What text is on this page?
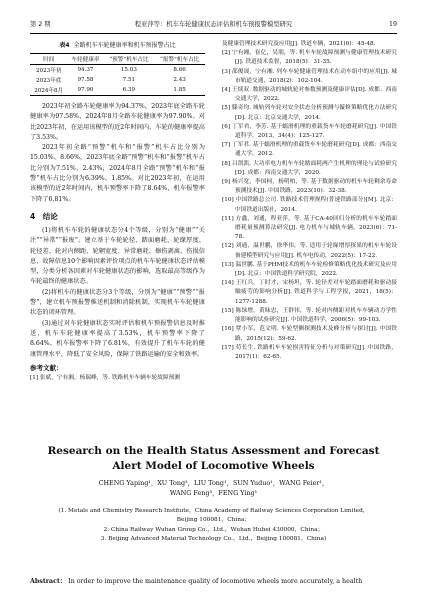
第 2 期	程亚萍等：机车车轮健康状态评估和机车预报警模型研究	19
表4 全路机车车轮健康率和机车预报警占比
时间	车轮健康率	“预警”机车占比	“报警”机车占比
2023年初	94.37	15.03	8.66
2023年底	97.58	7.51	2.43
2024年8月	97.90	6.39	1.85

2023年初全路车轮健康率为94.37%，2023年底全路车轮健康率为97.58%，2024年8月全路车轮健康率为97.90%。对比2023年初，在运用该模型的近2年时间内，车轮的健康率提高了3.53%。

2023年初全路“预警”机车和“报警”机车占比分别为15.03%、8.66%，2023年底全路“预警”机车和“报警”机车占比分别为7.51%、2.43%，2024年8月全路“预警”机车和“报警”机车占比分别为6.39%、1.85%。对比2023年初，在运用该模型的近2年时间内，机车预警率下降了8.64%，机车报警率下降了6.81%。

4　结论

(1)将机车车轮的健康状态分4个等级，分别为“健康”“关注”“异常”“报废”。建立基于车轮轮径、踏面磨耗、轮缘厚度、轮径差、轮对内侧距、轮辋宽度、异常磨耗、擦伤剥离、伤损信息、故障信息10个影响因素评价项点的机车车轮健康状态评估模型，分类分析各因素对车轮健康状态的影响，选取最高等级作为车轮最终的健康状态。

(2)将机车的健康状态分3个等级，分别为“健康”“预警”“报警”，建立机车预报警推送机制和消除机制，实现机车车轮健康状态的闭环管理。

(3)通过对车轮健康状态实时评估和机车预报警信息及时推送，机车车轮健康率提高了3.53%，机车预警率下降了8.64%，机车报警率下降了6.81%，有效提升了机车车轮的健康管理水平，降低了安全风险，保障了铁路运输的安全和效率。

参考文献：
[1] 张斌，宁有湘，杨瑞峰，等. 铁路机车车辆车轮故障预测
及健康管理技术研究及应用[J]. 铁道车辆，2021(6)：45-48.
[2] 宁有湘，崔亿，吴朋，等. 机车车轮故障预测与健康管理技术研究[J]. 铁道技术监督，2018(5)：31-35.
[3] 邵俊晟，宁有湘. 列车车轮健康管理技术在动车组中的应用[J]. 城市轨道交通，2018(2)：102-104.
[4] 王续双. 数据驱动的城轨轮对参数预测及健康评估[D]. 成都：西南交通大学，2022.
[5] 滕奇均. 城轨列车轮对安全状态分析预测与镟修策略优化方法研究[D]. 北京：北京交通大学，2014.
[6] 丁军君，李芳. 基于蠕滑机理的重载货车车轮磨耗研究[J]. 中国铁道科学，2013，34(4)：125-127.
[7] 丁军君. 基于蠕滑机理的重载货车车轮磨耗研究[D]. 成都：西南交通大学，2012.
[8] 吕凯凯. 大功率电力机车车轮踏面耗两产生机理的理论与试验研究[D]. 成都：西南交通大学，2020.
[9] 杨兴宽，李国柯，杨明柏，等. 基于数据驱动的机车车轮剩余寿命预测技术[J]. 中国铁路，2023(10)：32-38.
[10] 中国铁路总公司. 铁路技术管理规程(普速铁路部分)[M]. 北京：中国铁道出版社，2014.
[11] 方鑫，刘通，程亚萍，等. 基于CA-40回归分析的机车车轮踏面磨耗量预测算法研究[J]. 电力机车与城轨车辆，2023(6)：71-78.
[12] 刘通，温世鹏，徐华伟，等. 适用于轮缘增厚探果的机车车轮设备建模型研究与应用[J]. 机车电传动，2022(5)：17-22.
[13] 温世鹏. 基于PHM技术的机车车轮检修策略优化技术研究及应用[D]. 北京：中国铁道科学研究院，2022.
[14] 王红兵，丁时才，宋杨坦，等. 轮径差对车轮踏面磨耗和驱动接触疲劳的影响分析[J]. 铁道科学与工程学报，2021，18(5)：1277-1288.
[15] 陈绿增，黄昧忠，王群伟，等. 轮对内侧距对机车车辆动力学性能影响的试验研究[J]. 中国铁道科学，2006(5)：99-103.
[16] 覃小军，范文明. 车轮型侧探测技术及峰分析与探讨[J]. 中国铁路，2015(12)：59-62.
[17] 苟长生. 铁路机车车轮损害特征分析与对策研究[J]. 中国铁路，2017(1)：62-65.
Research on the Health Status Assessment and Forecast
Alert Model of Locomotive Wheels
CHENG Yaping¹，XU Tong²，LIU Tong¹，SUN Yuduo¹，WANG Feier¹，
WANG Feng³，FENG Ying¹
(1. Metals and Chemistry Research Institute，China Academy of Railway Sciences Corporation Limited，
Beijing 100081，China；
2. China Railway Wuhan Group Co.，Ltd.，Wuhan Hubei 430000，China；
3. Beijing Advanced Material Technology Co.，Ltd.，Beijing 100081，China)
Abstract： In order to improve the maintenance quality of locomotive wheels more accurately, a health
